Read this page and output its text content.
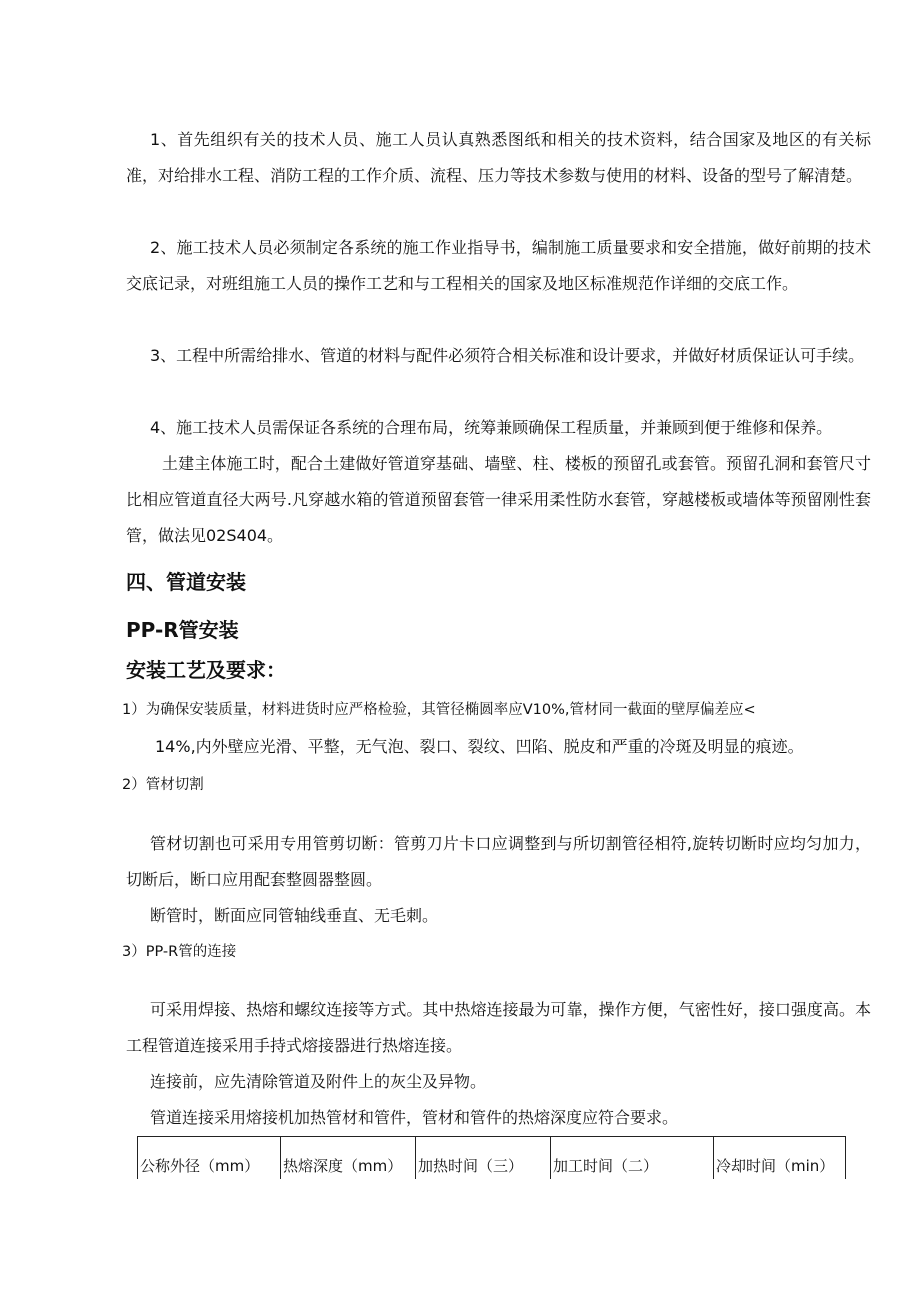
1、首先组织有关的技术人员、施工人员认真熟悉图纸和相关的技术资料，结合国家及地区的有关标准，对给排水工程、消防工程的工作介质、流程、压力等技术参数与使用的材料、设备的型号了解清楚。

2、施工技术人员必须制定各系统的施工作业指导书，编制施工质量要求和安全措施，做好前期的技术交底记录，对班组施工人员的操作工艺和与工程相关的国家及地区标准规范作详细的交底工作。

3、工程中所需给排水、管道的材料与配件必须符合相关标准和设计要求，并做好材质保证认可手续。

4、施工技术人员需保证各系统的合理布局，统筹兼顾确保工程质量，并兼顾到便于维修和保养。

土建主体施工时，配合土建做好管道穿基础、墙壁、柱、楼板的预留孔或套管。预留孔洞和套管尺寸比相应管道直径大两号.凡穿越水箱的管道预留套管一律采用柔性防水套管，穿越楼板或墙体等预留刚性套管，做法见02S404。

四、管道安装
PP-R管安装
安装工艺及要求：

1）为确保安装质量，材料进货时应严格检验，其管径椭圆率应V10%,管材同一截面的壁厚偏差应<

14%,内外壁应光滑、平整，无气泡、裂口、裂纹、凹陷、脱皮和严重的冷斑及明显的痕迹。

2）管材切割

管材切割也可采用专用管剪切断：管剪刀片卡口应调整到与所切割管径相符,旋转切断时应均匀加力，切断后，断口应用配套整圆器整圆。

断管时，断面应同管轴线垂直、无毛刺。

3）PP-R管的连接

可采用焊接、热熔和螺纹连接等方式。其中热熔连接最为可靠，操作方便，气密性好，接口强度高。本工程管道连接采用手持式熔接器进行热熔连接。

连接前，应先清除管道及附件上的灰尘及异物。

管道连接采用熔接机加热管材和管件，管材和管件的热熔深度应符合要求。

公称外径（mm）	热熔深度（mm）	加热时间（三）	加工时间（二）	冷却时间（min）
